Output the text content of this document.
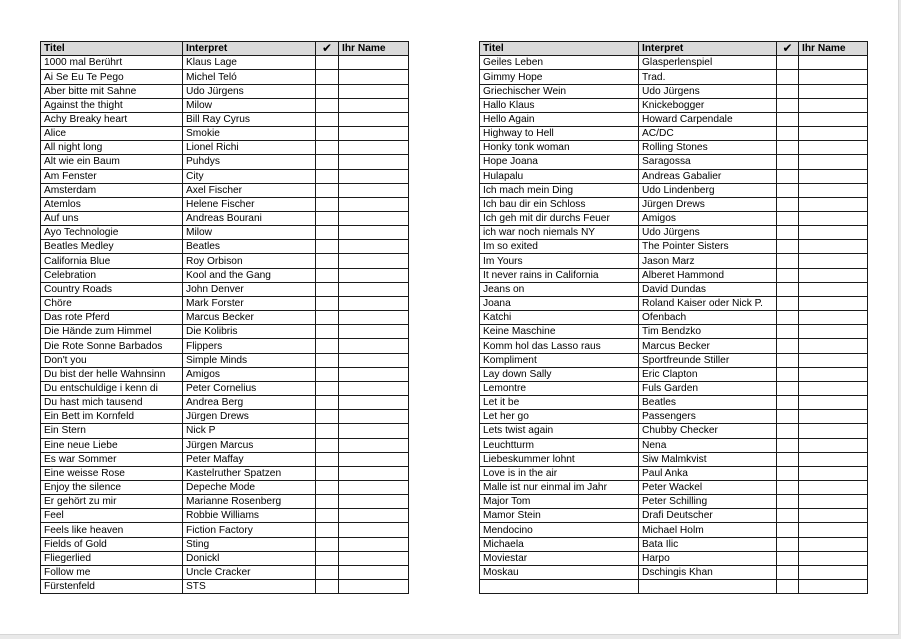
Titel	Interpret	✔	Ihr Name
1000 mal Berührt	Klaus Lage		
Ai Se Eu Te Pego	Michel Teló		
Aber bitte mit Sahne	Udo Jürgens		
Against the thight	Milow		
Achy Breaky heart	Bill Ray Cyrus		
Alice	Smokie		
All night long	Lionel Richi		
Alt wie ein Baum	Puhdys		
Am Fenster	City		
Amsterdam	Axel Fischer		
Atemlos	Helene Fischer		
Auf uns	Andreas Bourani		
Ayo Technologie	Milow		
Beatles Medley	Beatles		
California Blue	Roy Orbison		
Celebration	Kool and the Gang		
Country Roads	John Denver		
Chöre	Mark Forster		
Das rote Pferd	Marcus Becker		
Die Hände zum Himmel	Die Kolibris		
Die Rote Sonne Barbados	Flippers		
Don't you	Simple Minds		
Du bist der helle Wahnsinn	Amigos		
Du entschuldige i kenn di	Peter Cornelius		
Du hast mich tausend	Andrea Berg		
Ein Bett im Kornfeld	Jürgen Drews		
Ein Stern	Nick P		
Eine neue Liebe	Jürgen Marcus		
Es war Sommer	Peter Maffay		
Eine weisse Rose	Kastelruther Spatzen		
Enjoy the silence	Depeche Mode		
Er gehört zu mir	Marianne Rosenberg		
Feel	Robbie Williams		
Feels like heaven	Fiction Factory		
Fields of Gold	Sting		
Fliegerlied	Donickl		
Follow me	Uncle Cracker		
Fürstenfeld	STS		
Titel	Interpret	✔	Ihr Name
Geiles Leben	Glasperlenspiel		
Gimmy Hope	Trad.		
Griechischer Wein	Udo Jürgens		
Hallo Klaus	Knickebogger		
Hello Again	Howard Carpendale		
Highway to Hell	AC/DC		
Honky tonk woman	Rolling Stones		
Hope Joana	Saragossa		
Hulapalu	Andreas Gabalier		
Ich mach mein Ding	Udo Lindenberg		
Ich bau dir ein Schloss	Jürgen Drews		
Ich geh mit dir durchs Feuer	Amigos		
ich war noch niemals NY	Udo Jürgens		
Im so exited	The Pointer Sisters		
Im Yours	Jason Marz		
It never rains in California	Alberet Hammond		
Jeans on	David Dundas		
Joana	Roland Kaiser oder Nick P.		
Katchi	Ofenbach		
Keine Maschine	Tim Bendzko		
Komm hol das Lasso raus	Marcus Becker		
Kompliment	Sportfreunde Stiller		
Lay down Sally	Eric Clapton		
Lemontre	Fuls Garden		
Let it be	Beatles		
Let her go	Passengers		
Lets twist again	Chubby Checker		
Leuchtturm	Nena		
Liebeskummer lohnt	Siw Malmkvist		
Love is in the air	Paul Anka		
Malle ist nur einmal im Jahr	Peter Wackel		
Major Tom	Peter Schilling		
Mamor Stein	Drafi Deutscher		
Mendocino	Michael Holm		
Michaela	Bata Ilic		
Moviestar	Harpo		
Moskau	Dschingis Khan		
